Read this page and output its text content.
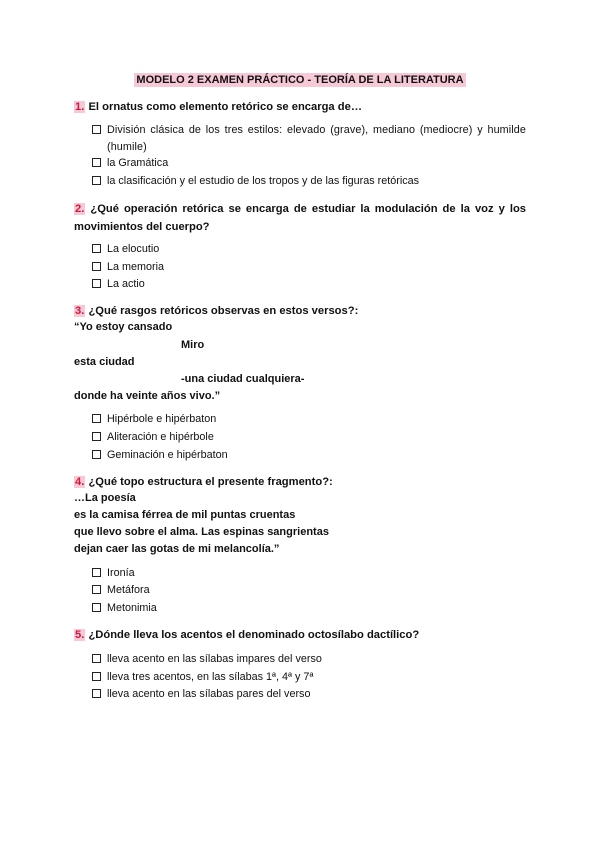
MODELO 2 EXAMEN PRÁCTICO - TEORÍA DE LA LITERATURA
1. El ornatus como elemento retórico se encarga de…
División clásica de los tres estilos: elevado (grave), mediano (mediocre) y humilde (humile)
la Gramática
la clasificación y el estudio de los tropos y de las figuras retóricas
2. ¿Qué operación retórica se encarga de estudiar la modulación de la voz y los movimientos del cuerpo?
La elocutio
La memoria
La actio
3. ¿Qué rasgos retóricos observas en estos versos?:
“Yo estoy cansado
Miro
esta ciudad
-una ciudad cualquiera-
donde ha veinte años vivo.”
Hipérbole e hipérbaton
Aliteración e hipérbole
Geminación e hipérbaton
4. ¿Qué topo estructura el presente fragmento?:
…La poesía
es la camisa férrea de mil puntas cruentas
que llevo sobre el alma. Las espinas sangrientas
dejan caer las gotas de mi melancolía.”
Ironía
Metáfora
Metonimia
5. ¿Dónde lleva los acentos el denominado octosílabo dactílico?
lleva acento en las sílabas impares del verso
lleva tres acentos, en las sílabas 1ª, 4ª y 7ª
lleva acento en las sílabas pares del verso
